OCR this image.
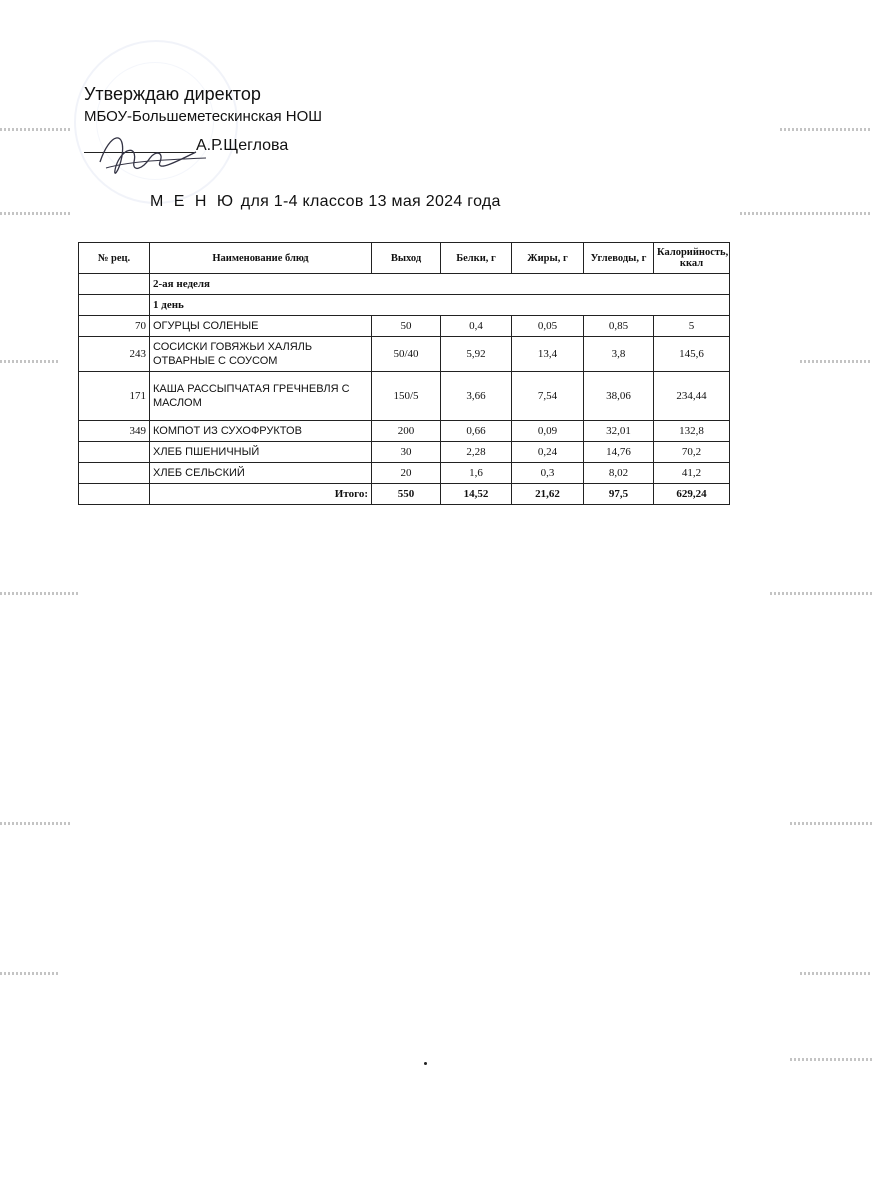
Утверждаю директор
МБОУ-Большеметескинская НОШ
А.Р.Щеглова
М Е Н Ю для 1-4 классов 13 мая 2024 года
№ рец.	Наименование блюд	Выход	Белки, г	Жиры, г	Углеводы, г	Калорийность, ккал
	2-ая неделя					
	1 день					
70	ОГУРЦЫ СОЛЕНЫЕ	50	0,4	0,05	0,85	5
243	СОСИСКИ ГОВЯЖЬИ ХАЛЯЛЬ ОТВАРНЫЕ С СОУСОМ	50/40	5,92	13,4	3,8	145,6
171	КАША РАССЫПЧАТАЯ ГРЕЧНЕВЛЯ С МАСЛОМ	150/5	3,66	7,54	38,06	234,44
349	КОМПОТ ИЗ СУХОФРУКТОВ	200	0,66	0,09	32,01	132,8
	ХЛЕБ ПШЕНИЧНЫЙ	30	2,28	0,24	14,76	70,2
	ХЛЕБ СЕЛЬСКИЙ	20	1,6	0,3	8,02	41,2
	Итого:	550	14,52	21,62	97,5	629,24
